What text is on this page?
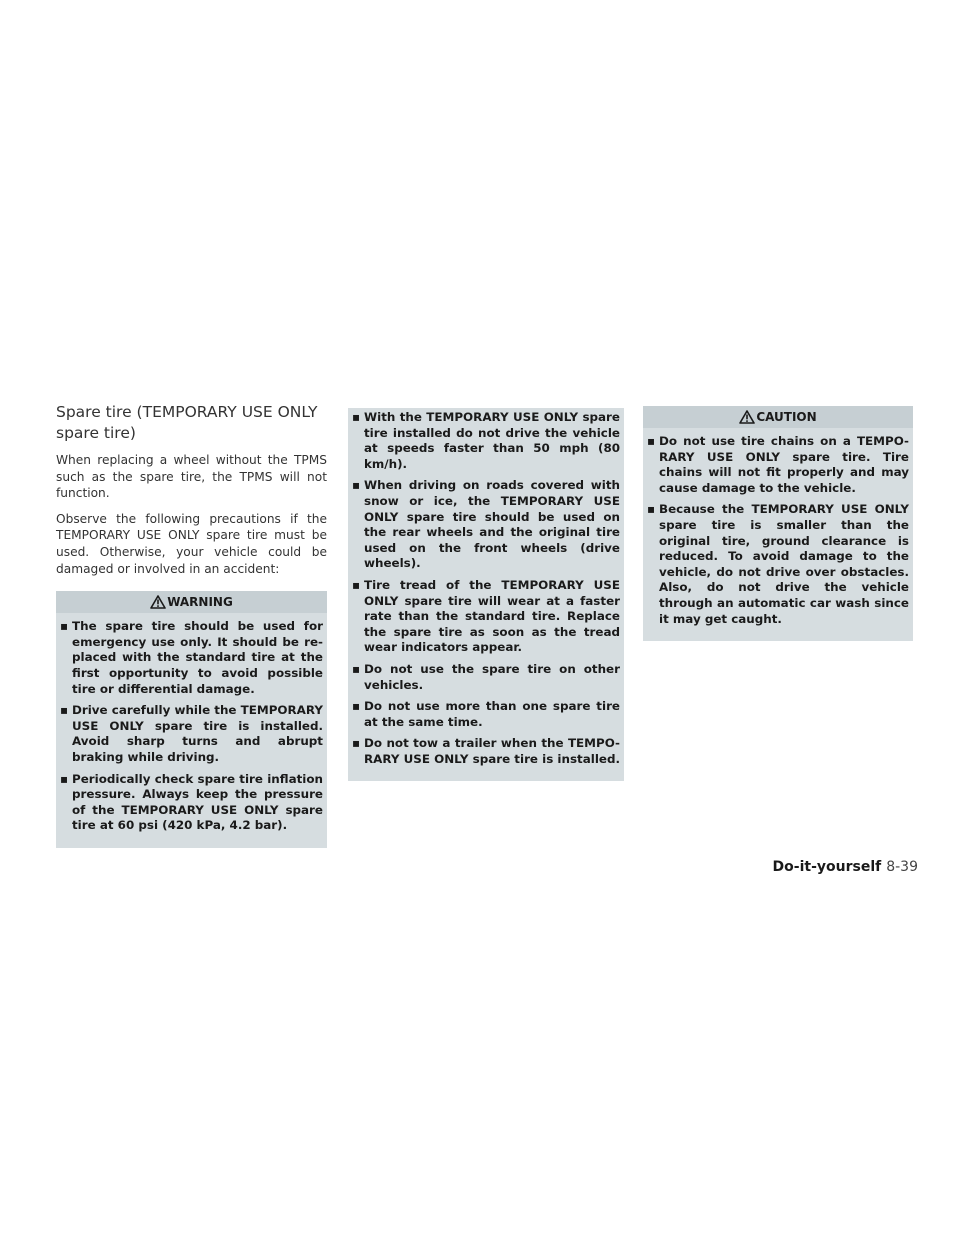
Spare tire (TEMPORARY USE ONLY
spare tire)

When replacing a wheel without the TPMS such as the spare tire, the TPMS will not function.

Observe the following precautions if the TEMPORARY USE ONLY spare tire must be used. Otherwise, your vehicle could be damaged or involved in an accident:

WARNING
▪ The spare tire should be used for emergency use only. It should be re- placed with the standard tire at the first opportunity to avoid possible tire or differential damage.
▪ Drive carefully while the TEMPORARY USE ONLY spare tire is installed. Avoid sharp turns and abrupt braking while driving.
▪ Periodically check spare tire inflation pressure. Always keep the pressure of the TEMPORARY USE ONLY spare tire at 60 psi (420 kPa, 4.2 bar).
▪ With the TEMPORARY USE ONLY spare tire installed do not drive the vehicle at speeds faster than 50 mph (80 km/h).
▪ When driving on roads covered with snow or ice, the TEMPORARY USE ONLY spare tire should be used on the rear wheels and the original tire used on the front wheels (drive wheels).
▪ Tire tread of the TEMPORARY USE ONLY spare tire will wear at a faster rate than the standard tire. Replace the spare tire as soon as the tread wear indicators appear.
▪ Do not use the spare tire on other vehicles.
▪ Do not use more than one spare tire at the same time.
▪ Do not tow a trailer when the TEMPO- RARY USE ONLY spare tire is installed.
CAUTION
▪ Do not use tire chains on a TEMPO- RARY USE ONLY spare tire. Tire chains will not fit properly and may cause damage to the vehicle.
▪ Because the TEMPORARY USE ONLY spare tire is smaller than the original tire, ground clearance is reduced. To avoid damage to the vehicle, do not drive over obstacles. Also, do not drive the vehicle through an automatic car wash since it may get caught.
Do-it-yourself 8-39
